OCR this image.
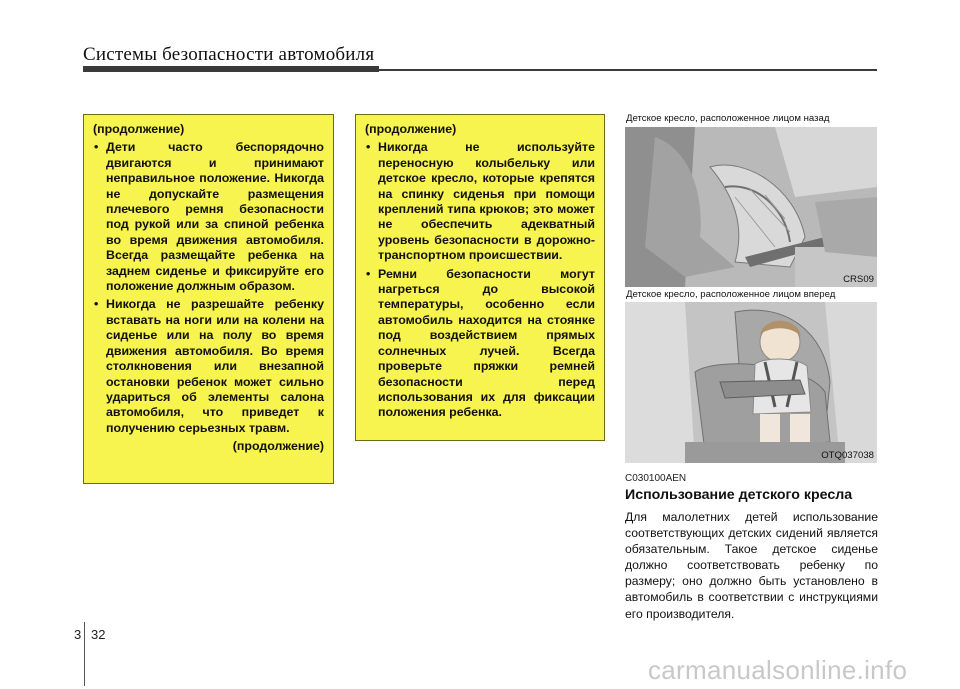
Системы безопасности автомобиля
(продолжение)
• Дети часто беспорядочно двигаются и принимают неправильное положение. Никогда не допускайте размещения плечевого ремня безопасности под рукой или за спиной ребенка во время движения автомобиля. Всегда размещайте ребенка на заднем сиденье и фиксируйте его положение должным образом.
• Никогда не разрешайте ребенку вставать на ноги или на колени на сиденье или на полу во время движения автомобиля. Во время столкновения или внезапной остановки ребенок может сильно удариться об элементы салона автомобиля, что приведет к получению серьезных травм.
(продолжение)
(продолжение)
• Никогда не используйте переносную колыбельку или детское кресло, которые крепятся на спинку сиденья при помощи креплений типа крюков; это может не обеспечить адекватный уровень безопасности в дорожно-транспортном происшествии.
• Ремни безопасности могут нагреться до высокой температуры, особенно если автомобиль находится на стоянке под воздействием прямых солнечных лучей. Всегда проверьте пряжки ремней безопасности перед использования их для фиксации положения ребенка.
Детское кресло, расположенное лицом назад
CRS09
Детское кресло, расположенное лицом вперед
OTQ037038
C030100AEN
Использование детского кресла
Для малолетних детей использование соответствующих детских сидений является обязательным. Такое детское сиденье должно соответствовать ребенку по размеру; оно должно быть установлено в автомобиль в соответствии с инструкциями его производителя.
3 32
carmanualsonline.info
